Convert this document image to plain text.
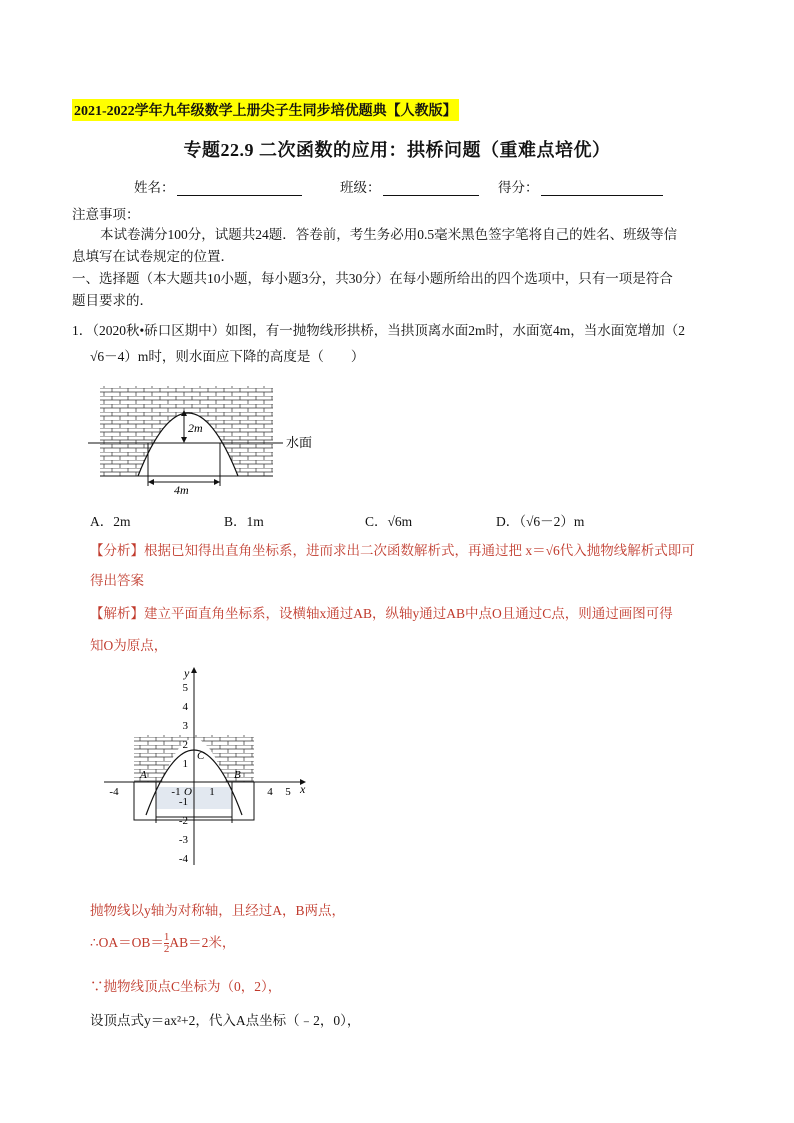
2021-2022学年九年级数学上册尖子生同步培优题典【人教版】
专题22.9 二次函数的应用：拱桥问题（重难点培优）
姓名：	班级：	得分：
注意事项：
本试卷满分100分，试题共24题．答卷前，考生务必用0.5毫米黑色签字笔将自己的姓名、班级等信
息填写在试卷规定的位置．
一、选择题（本大题共10小题，每小题3分，共30分）在每小题所给出的四个选项中，只有一项是符合
题目要求的．
1．（2020秋•硚口区期中）如图，有一抛物线形拱桥，当拱顶离水面2m时，水面宽4m，当水面宽增加（2
√6－4）m时，则水面应下降的高度是（　　）
2m
4m
水面
A．2m	B．1m	C．√6m	D．（√6－2）m
【分析】根据已知得出直角坐标系，进而求出二次函数解析式，再通过把 x＝√6代入抛物线解析式即可
得出答案
【解析】建立平面直角坐标系，设横轴x通过AB，纵轴y通过AB中点O且通过C点，则通过画图可得
知O为原点，
y
x
5
4
3
2
1
-1
-2
-3
-4
-4	-1	1	4 5
A	B
C
O
抛物线以y轴为对称轴，且经过A，B两点，
∴OA＝OB＝ $\frac{1}{2} AB=2$米，
∵抛物线顶点C坐标为（0，2），
设顶点式y＝ax²+2，代入A点坐标（﹣2，0），
